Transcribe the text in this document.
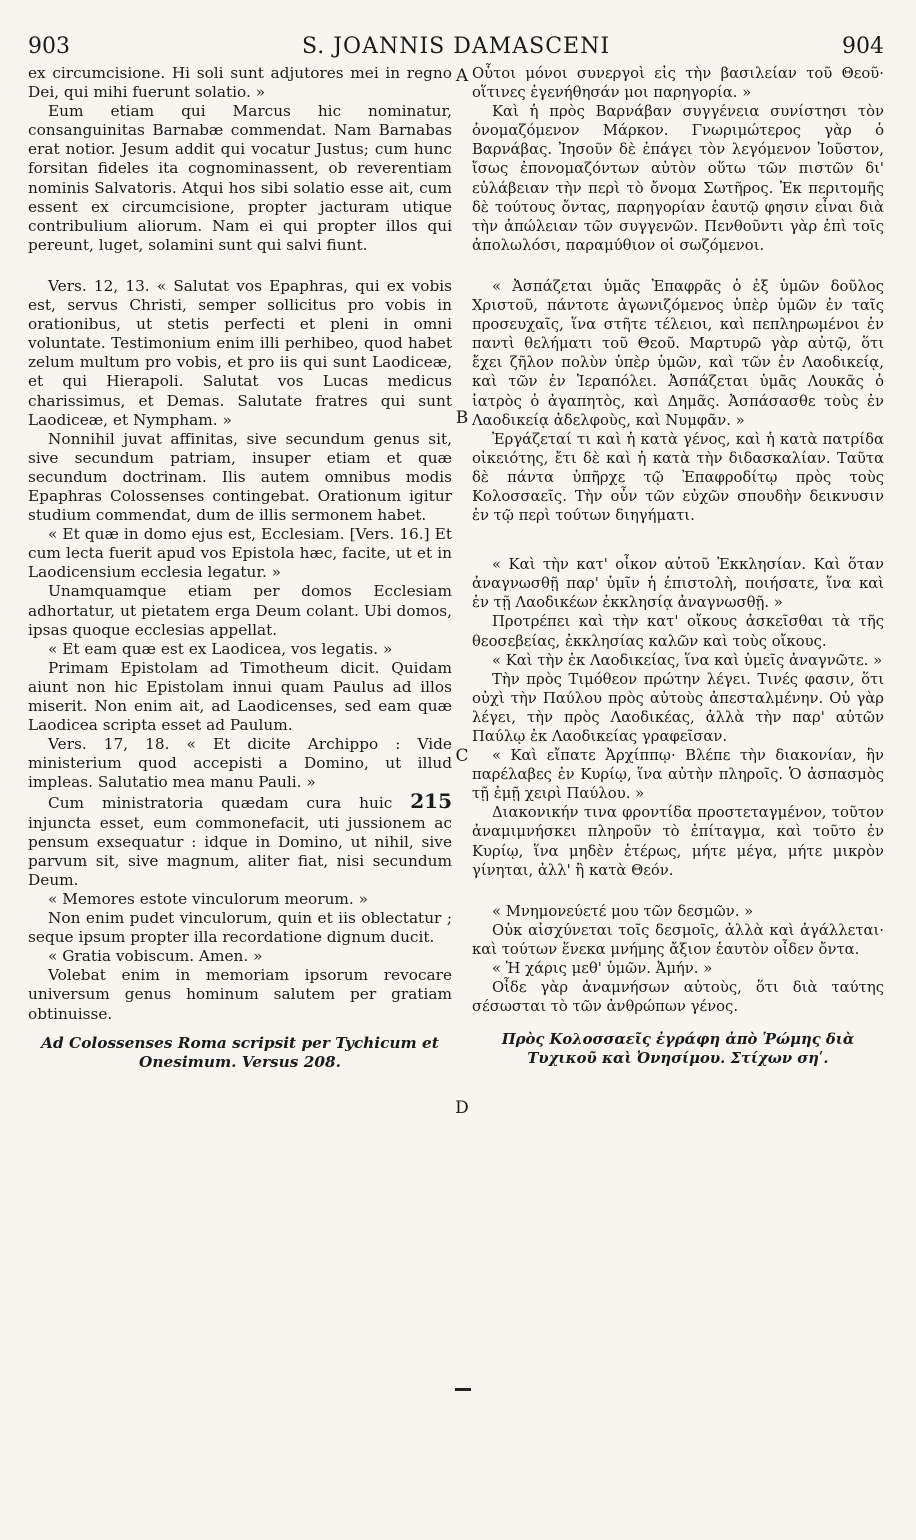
S. JOANNIS DAMASCENI
903	904

ex circumcisione. Hi soli sunt adjutores mei in regno Dei, qui mihi fuerunt solatio. »

Eum etiam qui Marcus hic nominatur, consanguinitas Barnabæ commendat. Nam Barnabas erat notior. Jesum addit qui vocatur Justus; cum hunc forsitan fideles ita cognominassent, ob reverentiam nominis Salvatoris. Atqui hos sibi solatio esse ait, cum essent ex circumcisione, propter jacturam utique contribulium aliorum. Nam ei qui propter illos qui pereunt, luget, solamini sunt qui salvi fiunt.

Vers. 12, 13. « Salutat vos Epaphras, qui ex vobis est, servus Christi, semper sollicitus pro vobis in orationibus, ut stetis perfecti et pleni in omni voluntate. Testimonium enim illi perhibeo, quod habet zelum multum pro vobis, et pro iis qui sunt Laodiceæ, et qui Hierapoli. Salutat vos Lucas medicus charissimus, et Demas. Salutate fratres qui sunt Laodiceæ, et Nympham. »

Nonnihil juvat affinitas, sive secundum genus sit, sive secundum patriam, insuper etiam et quæ secundum doctrinam. Ilis autem omnibus modis Epaphras Colossenses contingebat. Orationum igitur studium commendat, dum de illis sermonem habet.

« Et quæ in domo ejus est, Ecclesiam. [Vers. 16.] Et cum lecta fuerit apud vos Epistola hæc, facite, ut et in Laodicensium ecclesia legatur. »

Unamquamque etiam per domos Ecclesiam adhortatur, ut pietatem erga Deum colant. Ubi domos, ipsas quoque ecclesias appellat.

« Et eam quæ est ex Laodicea, vos legatis. »

Primam Epistolam ad Timotheum dicit. Quidam aiunt non hic Epistolam innui quam Paulus ad illos miserit. Non enim ait, ad Laodicenses, sed eam quæ Laodicea scripta esset ad Paulum.

Vers. 17, 18. « Et dicite Archippo : Vide ministerium quod accepisti a Domino, ut illud impleas. Salutatio mea manu Pauli. »

Cum ministratoria quædam cura huic 215 injuncta esset, eum commonefacit, uti jussionem ac pensum exsequatur : idque in Domino, ut nihil, sive parvum sit, sive magnum, aliter fiat, nisi secundum Deum.

« Memores estote vinculorum meorum. »

Non enim pudet vinculorum, quin et iis oblectatur ; seque ipsum propter illa recordatione dignum ducit.

« Gratia vobiscum. Amen. »

Volebat enim in memoriam ipsorum revocare universum genus hominum salutem per gratiam obtinuisse.

Ad Colossenses Roma scripsit per Tychicum et Onesimum. Versus 208.

A
B
C
D

Οὗτοι μόνοι συνεργοὶ εἰς τὴν βασιλείαν τοῦ Θεοῦ· οἵτινες ἐγενήθησάν μοι παρηγορία. »

Καὶ ἡ πρὸς Βαρνάβαν συγγένεια συνίστησι τὸν ὀνομαζόμενον Μάρκον. Γνωριμώτερος γὰρ ὁ Βαρνάβας. Ἰησοῦν δὲ ἐπάγει τὸν λεγόμενον Ἰοῦστον, ἴσως ἐπονομαζόντων αὐτὸν οὕτω τῶν πιστῶν δι' εὐλάβειαν τὴν περὶ τὸ ὄνομα Σωτῆρος. Ἐκ περιτομῆς δὲ τούτους ὄντας, παρηγορίαν ἑαυτῷ φησιν εἶναι διὰ τὴν ἀπώλειαν τῶν συγγενῶν. Πενθοῦντι γὰρ ἐπὶ τοῖς ἀπολωλόσι, παραμύθιον οἱ σωζόμενοι.

« Ἀσπάζεται ὑμᾶς Ἐπαφρᾶς ὁ ἐξ ὑμῶν δοῦλος Χριστοῦ, πάντοτε ἀγωνιζόμενος ὑπὲρ ὑμῶν ἐν ταῖς προσευχαῖς, ἵνα στῆτε τέλειοι, καὶ πεπληρωμένοι ἐν παντὶ θελήματι τοῦ Θεοῦ. Μαρτυρῶ γὰρ αὐτῷ, ὅτι ἔχει ζῆλον πολὺν ὑπὲρ ὑμῶν, καὶ τῶν ἐν Λαοδικείᾳ, καὶ τῶν ἐν Ἱεραπόλει. Ἀσπάζεται ὑμᾶς Λουκᾶς ὁ ἰατρὸς ὁ ἀγαπητὸς, καὶ Δημᾶς. Ἀσπάσασθε τοὺς ἐν Λαοδικείᾳ ἀδελφοὺς, καὶ Νυμφᾶν. »

Ἐργάζεταί τι καὶ ἡ κατὰ γένος, καὶ ἡ κατὰ πατρίδα οἰκειότης, ἔτι δὲ καὶ ἡ κατὰ τὴν διδασκαλίαν. Ταῦτα δὲ πάντα ὑπῆρχε τῷ Ἐπαφροδίτῳ πρὸς τοὺς Κολοσσαεῖς. Τὴν οὖν τῶν εὐχῶν σπουδὴν δεικνυσιν ἐν τῷ περὶ τούτων διηγήματι.

« Καὶ τὴν κατ' οἶκον αὐτοῦ Ἐκκλησίαν. Καὶ ὅταν ἀναγνωσθῇ παρ' ὑμῖν ἡ ἐπιστολὴ, ποιήσατε, ἵνα καὶ ἐν τῇ Λαοδικέων ἐκκλησίᾳ ἀναγνωσθῇ. »

Προτρέπει καὶ τὴν κατ' οἴκους ἀσκεῖσθαι τὰ τῆς θεοσεβείας, ἐκκλησίας καλῶν καὶ τοὺς οἴκους.

« Καὶ τὴν ἐκ Λαοδικείας, ἵνα καὶ ὑμεῖς ἀναγνῶτε. »

Τὴν πρὸς Τιμόθεον πρώτην λέγει. Τινές φασιν, ὅτι οὐχὶ τὴν Παύλου πρὸς αὐτοὺς ἀπεσταλμένην. Οὐ γὰρ λέγει, τὴν πρὸς Λαοδικέας, ἀλλὰ τὴν παρ' αὐτῶν Παύλῳ ἐκ Λαοδικείας γραφεῖσαν.

« Καὶ εἴπατε Ἀρχίππῳ· Βλέπε τὴν διακονίαν, ἣν παρέλαβες ἐν Κυρίῳ, ἵνα αὐτὴν πληροῖς. Ὁ ἀσπασμὸς τῇ ἐμῇ χειρὶ Παύλου. »

Διακονικήν τινα φροντίδα προστεταγμένον, τοῦτον ἀναμιμνήσκει πληροῦν τὸ ἐπίταγμα, καὶ τοῦτο ἐν Κυρίῳ, ἵνα μηδὲν ἑτέρως, μήτε μέγα, μήτε μικρὸν γίνηται, ἀλλ' ἢ κατὰ Θεόν.

« Μνημονεύετέ μου τῶν δεσμῶν. »

Οὐκ αἰσχύνεται τοῖς δεσμοῖς, ἀλλὰ καὶ ἀγάλλεται· καὶ τούτων ἕνεκα μνήμης ἄξιον ἑαυτὸν οἶδεν ὄντα.

« Ἡ χάρις μεθ' ὑμῶν. Ἀμήν. »

Οἶδε γὰρ ἀναμνήσων αὐτοὺς, ὅτι διὰ ταύτης σέσωσται τὸ τῶν ἀνθρώπων γένος.

Πρὸς Κολοσσαεῖς ἐγράφη ἀπὸ Ῥώμης διὰ Τυχικοῦ καὶ Ὀνησίμου. Στίχων σηʹ.
